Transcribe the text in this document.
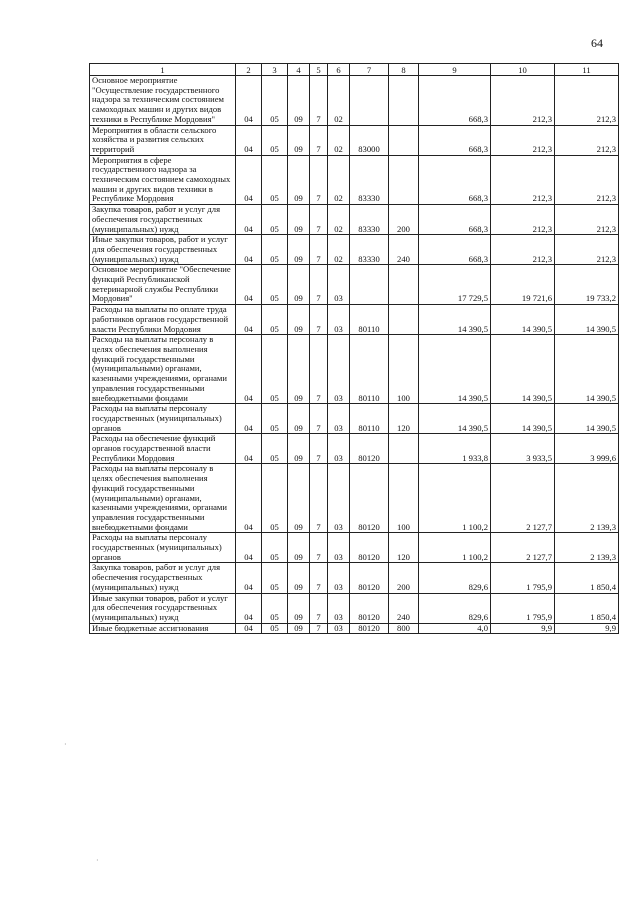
64
1	2	3	4	5	6	7	8	9	10	11
Основное мероприятие "Осуществление государственного надзора за техническим состоянием самоходных машин и других видов техники в Республике Мордовия"	04	05	09	7	02			668,3	212,3	212,3
Мероприятия в области сельского хозяйства и развития сельских территорий	04	05	09	7	02	83000		668,3	212,3	212,3
Мероприятия в сфере государственного надзора за техническим состоянием самоходных машин и других видов техники в Республике Мордовия	04	05	09	7	02	83330		668,3	212,3	212,3
Закупка товаров, работ и услуг для обеспечения государственных (муниципальных) нужд	04	05	09	7	02	83330	200	668,3	212,3	212,3
Иные закупки товаров, работ и услуг для обеспечения государственных (муниципальных) нужд	04	05	09	7	02	83330	240	668,3	212,3	212,3
Основное мероприятие "Обеспечение функций Республиканской ветеринарной службы Республики Мордовия"	04	05	09	7	03			17 729,5	19 721,6	19 733,2
Расходы на выплаты по оплате труда работников органов государственной власти Республики Мордовия	04	05	09	7	03	80110		14 390,5	14 390,5	14 390,5
Расходы на выплаты персоналу в целях обеспечения выполнения функций государственными (муниципальными) органами, казенными учреждениями, органами управления государственными внебюджетными фондами	04	05	09	7	03	80110	100	14 390,5	14 390,5	14 390,5
Расходы на выплаты персоналу государственных (муниципальных) органов	04	05	09	7	03	80110	120	14 390,5	14 390,5	14 390,5
Расходы на обеспечение функций органов государственной власти Республики Мордовия	04	05	09	7	03	80120		1 933,8	3 933,5	3 999,6
Расходы на выплаты персоналу в целях обеспечения выполнения функций государственными (муниципальными) органами, казенными учреждениями, органами управления государственными внебюджетными фондами	04	05	09	7	03	80120	100	1 100,2	2 127,7	2 139,3
Расходы на выплаты персоналу государственных (муниципальных) органов	04	05	09	7	03	80120	120	1 100,2	2 127,7	2 139,3
Закупка товаров, работ и услуг для обеспечения государственных (муниципальных) нужд	04	05	09	7	03	80120	200	829,6	1 795,9	1 850,4
Иные закупки товаров, работ и услуг для обеспечения государственных (муниципальных) нужд	04	05	09	7	03	80120	240	829,6	1 795,9	1 850,4
Иные бюджетные ассигнования	04	05	09	7	03	80120	800	4,0	9,9	9,9
·
·
